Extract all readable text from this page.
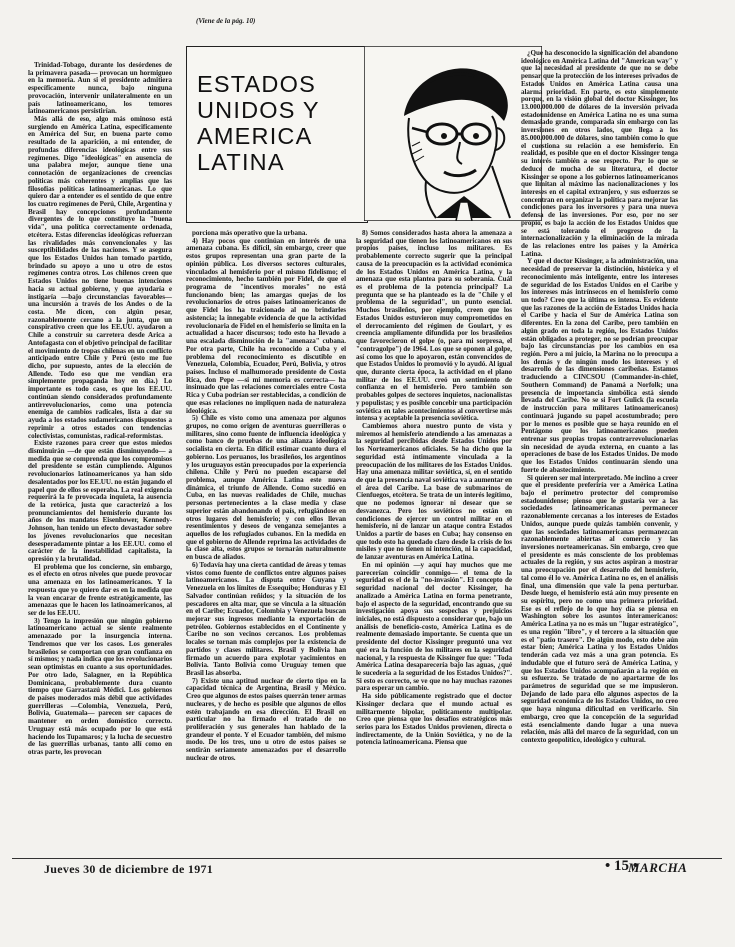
(Viene de la pág. 10)
ESTADOS
UNIDOS Y
AMERICA
LATINA

Trinidad-Tobago, durante los desórdenes de la primavera pasada— provocan un hormigueo en la memoria. Aun si el presidente admitiera específicamente nunca, bajo ninguna provocación, intervenir unilateralmente en un país latinoamericano, los temores latinoamericanos persistirían.

Más allá de eso, algo más ominoso está surgiendo en América Latina, especificamente en América del Sur, en buena parte como resultado de la aparición, a mi entender, de profundas diferencias ideológicas entre sus regímenes. Digo "ideológicas" en ausencia de una palabra mejor, aunque tiene una connotación de organizaciones de creencias políticas más coherentes y amplias que las filosofías políticas latinoamericanas. Lo que quiero dar a entender es el sentido de que entre los cuatro regímenes de Perú, Chile, Argentina y Brasil hay concepciones profundamente divergentes de lo que constituye la "buena vida", una política correctamente ordenada, etcétera. Estas diferencias ideológicas refuerzan las rivalidades más convencionales y las susceptibilidades de las naciones. Y se asegura que los Estados Unidos han tomado partido, brindado su apoyo a uno u otro de estos regímenes contra otros. Los chilenos creen que Estados Unidos no tiene buenas intenciones hacia su actual gobierno, y que ayudaría e instigaría —bajo circunstancias favorables— una incursión a través de los Andes o de la costa. Me dicen, con algún pesar, razonablemente cercano a la junta, que un conspirativo creen que los EE.UU. ayudaron a Chile a construir su carretera desde Arica a Antofagasta con el objetivo principal de facilitar el movimiento de tropas chilenas en un conflicto anticipado entre Chile y Perú (esto me fue dicho, por supuesto, antes de la elección de Allende. Todo eso que me vendían era simplemente propaganda hoy en día.) Lo importante es todo caso, es que los EE.UU. continúan siendo considerados profundamente antirrevolucionarios, como una potencia enemiga de cambios radicales, lista a dar su ayuda a los estados sudamericanos dispuestos a reprimir a otros estados con tendencias colectivistas, comunistas, radical-reformistas.

Existe razones para creer que estos miedos disminuirán —de que están disminuyendo— a medida que se comprenda que los compromisos del presidente se están cumpliendo. Algunos revolucionarios latinoamericanos ya han sido desalentados por los EE.UU. no están jugando el papel que de ellos se esperaba. La real exigencia requerirá la fe provocada inquieta, la ausencia de la retórica, justa que caracterizó a los pronunciamientos del hemisferio durante los años de los mandatos Eisenhower, Kennedy-Johnson, han tenido un efecto devastador sobre los jóvenes revolucionarios que necesitan desesperadamente pintar a los EE.UU. como el carácter de la inestabilidad capitalista, la opresión y la brutalidad.

El problema que los concierne, sin embargo, es el efecto en otros niveles que puede provocar una amenaza en los latinoamericanos. Y la respuesta que yo quiero dar es en la medida que la vean encarar de frente estratégicamente, las amenazas que le hacen los latinoamericanos, al ser de los EE.UU.

3) Tengo la impresión que ningún gobierno latinoamericano actual se siente realmente amenazado por la insurgencia interna. Tendremos que ver los casos. Los generales brasileños se comportan con gran confianza en sí mismos; y nada indica que los revolucionarios sean optimistas en cuanto a sus oportunidades. Por otro lado, Salagner, en la República Dominicana, probablemente dura cuanto tiempo que Garrastazú Médici. Los gobiernos de países moderados más débil que actividades guerrilleras —Colombia, Venezuela, Perú, Bolivia, Guatemala— parecen ser capaces de mantener en orden doméstico correcto. Uruguay está más ocupado por lo que está haciendo los Tupamaros; y la lucha de secuestro de las guerrillas urbanas, tanto allí como en otras parte, les provocan

porciona más operativo que la urbana.

4) Hay pocos que continúan en interés de una amenaza cubana. Es difícil, sin embargo, creer que estos grupos representan una gran parte de la opinión pública. Los diversos sectores culturales, vinculados al hemisferio por el mismo fidelismo; el reconocimiento, hecho también por Fidel, de que el programa de "incentivos morales" no está funcionando bien; las amargas quejas de los revolucionarios de otros países latinoamericanos de que Fidel los ha traicionado al no brindarles asistencia; la innegable evidencia de que la actividad revolucionaria de Fidel en el hemisferio se limita en la actualidad a hacer discursos; todo esto ha llevado a una escalada disminución de la "amenaza" cubana. Por otra parte, Chile ha reconocido a Cuba y el problema del reconocimiento es discutible en Venezuela, Colombia, Ecuador, Perú, Bolivia, y otros países. Incluso el malhumorado presidente de Costa Rica, don Pepe —si mi memoria es correcta— ha insinuado que las relaciones comerciales entre Costa Rica y Cuba podrían ser restablecidas, a condición de que esas relaciones no impliquen nada de naturaleza ideológica.

5) Chile es visto como una amenaza por algunos grupos, no como origen de aventuras guerrilleras o militares, sino como fuente de influencia ideológica y como banco de pruebas de una alianza ideológica socialista en cierta. En difícil estimar cuanto dura el gobierno. Los peruanos, los brasileños, los argentinos y los uruguayos están preocupados por la experiencia chilena. Chile y Perú no pueden escaparse del problema, aunque América Latina este nueva dinámica, el triunfo de Allende. Como sucedió en Cuba, en las nuevas realidades de Chile, muchas personas pertenecientes a la clase media y clase superior están abandonando el país, refugiándose en otros lugares del hemisferio; y con ellos llevan resentimientos y deseos de venganza semejantes a aquellos de los refugiados cubanos. En la medida en que el gobierno de Allende reprima las actividades de la clase alta, estos grupos se tornarán naturalmente en busca de aliados.

6) Todavía hay una cierta cantidad de áreas y temas vistos como fuente de conflictos entre algunos países latinoamericanos. La disputa entre Guyana y Venezuela en los límites de Essequibo; Honduras y El Salvador continúan reñidos; y la situación de los pescadores en alta mar, que se vincula a la situación en el Caribe; Ecuador, Colombia y Venezuela buscan mejorar sus ingresos mediante la exportación de petróleo. Gobiernos establecidos en el Continente y Caribe no son vecinos cercanos. Los problemas locales se tornan más complejos por la existencia de partidos y clases militares. Brasil y Bolivia han firmado un acuerdo para explotar yacimientos en Bolivia. Tanto Bolivia como Uruguay temen que Brasil las absorba.

7) Existe una aptitud nuclear de cierto tipo en la capacidad técnica de Argentina, Brasil y México. Creo que algunos de estos países querrán tener armas nucleares, y de hecho es posible que algunos de ellos estén trabajando en esa dirección. El Brasil en particular no ha firmado el tratado de no proliferación y sus generales han hablado de la grandeur el ponte. Y el Ecuador también, del mismo modo. De los tres, uno u otro de estos países se sentirán seriamente amenazados por el desarrollo nuclear de otros.

8) Somos considerados hasta ahora la amenaza a la seguridad que tienen los latinoamericanos en sus propios países, incluso los militares. Es probablemente correcto sugerir que la principal causa de la preocupación es la actividad económica de los Estados Unidos en América Latina, y la amenaza que esta plantea para su soberanía. Cuál es el problema de la potencia principal? La pregunta que se ha planteado es la de "Chile y el problema de la seguridad", un punto esencial. Muchos brasileños, por ejemplo, creen que los Estados Unidos estuvieron muy comprometidos en el derrocamiento del régimen de Goulart, y es creencia ampliamente difundida por los brasileños que favorecieron el golpe (o, para mi sorpresa, el "contragolpe") de 1964. Los que se oponen al golpe, así como los que lo apoyaron, están convencidos de que Estados Unidos lo promovió y lo ayudó. Al igual que, durante cierta época, la actividad en el plano militar de los EE.UU. creó un sentimiento de confianza en el hemisferio. Pero también son probables golpes de sectores inquietos, nacionalistas y populistas; y es posible concebir una participación soviética en tales acontecimientos al convertirse más intensa y aceptable la presencia soviética.

Cambiemos ahora nuestro punto de vista y miremos al hemisferio atendiendo a las amenazas a la seguridad percibidas desde Estados Unidos por los Norteamericanos oficiales. Se ha dicho que la seguridad está íntimamente vinculada a la preocupación de los militares de los Estados Unidos. Hay una amenaza militar soviética, sí, en el sentido de que la presencia naval soviética va a aumentar en el área del Caribe. La base de submarinos de Cienfuegos, etcétera. Se trata de un interés legítimo, que no podemos ignorar ni desear que se desvanezca. Pero los soviéticos no están en condiciones de ejercer un control militar en el hemisferio, ni de lanzar un ataque contra Estados Unidos a partir de bases en Cuba; hay consenso en que todo esto ha quedado claro desde la crisis de los misiles y que no tienen ni intención, ni la capacidad, de lanzar aventuras en América Latina.

En mi opinión —y aquí hay muchos que me parecerían coincidir conmigo— el tema de la seguridad es el de la "no-invasión". El concepto de seguridad nacional del doctor Kissinger, ha analizado a América Latina en forma penetrante, bajo el aspecto de la seguridad, encontrando que su investigación apoya sus sospechas y prejuicios iniciales, no está dispuesto a considerar que, bajo un análisis de beneficio-costo, América Latina es de realmente demasiado importante. Se cuenta que un presidente del doctor Kissinger preguntó una vez qué era la función de los militares en la seguridad nacional, y la respuesta de Kissinger fue que: "Toda América Latina desaparecería bajo las aguas, ¿qué le sucedería a la seguridad de los Estados Unidos?". Si esto es correcto, se ve que no hay muchas razones para esperar un cambio.

Ha sido públicamente registrado que el doctor Kissinger declara que el mundo actual es militarmente bipolar, políticamente multipolar. Creo que piensa que los desafíos estratégicos más serios para los Estados Unidos provienen, directa o indirectamente, de la Unión Soviética, y no de la potencia latinoamericana. Piensa que

¿Que ha desconocido la significación del abandono ideológico en América Latina del "American way" y que la necesidad al presidente de que no se debe pensar que la protección de los intereses privados de Estados Unidos en América Latina causa una alarma prioridad. En parte, es esto simplemente porque, en la visión global del doctor Kissinger, los 13.000.000.000 de dólares de la inversión privada estadounidense en América Latina no es una suma demasiado grande, comparada sin embargo con las inversiones en otros lados, que llega a los 85.000.000.000 de dólares, sino también como lo que el cuestiona su relación a ese hemisferio. En realidad, es posible que en el doctor Kissinger tenga su interés también a ese respecto. Por lo que se deduce de mucha de su literatura, el doctor Kissinger se opone a los gobiernos latinoamericanos que limitan al máximo las nacionalizaciones y los intereses en el capital extranjero, y sus esfuerzos se concentran en organizar la política para mejorar las condiciones para los inversores y para una nueva defensa de las inversiones. Por eso, por no ser propio, es bajo la acción de los Estados Unidos que se está tolerando el progreso de la internacionalización y la eliminación de la mirada de las relaciones entre los países y la América Latina.

Y que el doctor Kissinger, a la administración, una necesidad de preservar la distinción, histórica y el reconocimiento más inteligente, entre los intereses de seguridad de los Estados Unidos en el Caribe y los intereses más intrínsecos en el hemisferio como un todo? Creo que la última es intensa. Es evidente que las razones de la acción de Estados Unidos hacia el Caribe y hacia el Sur de América Latina son diferentes. En la zona del Caribe, pero también en algún grado en toda la región, los Estados Unidos están obligados a proteger, no se podrían preocupar bajo las circunstancias por los cambios en esa región. Pero a mi juicio, la Marina no lo preocupa a los demás y de ningún modo los intereses y el desarrollo de las dimensiones caribeñas. Estamos traduciendo a CINCSOU (Commander-in-chief, Southern Command) de Panamá a Norfolk; una presencia de importancia simbólica está siendo llevada del Caribe. No se si Fort Gulick (la escuela de instrucción para militares latinoamericanos) continuará jugando su papel acostumbrado; pero por lo menos es posible que se haya reunido en el Pentágono que los latinoamericanos pueden entrenar sus propias tropas contrarrevolucionarias sin necesidad de ayuda externa, en cuanto a las operaciones de base de los Estados Unidos. De modo que los Estados Unidos continuarán siendo una fuerte de abastecimiento.

Si quieren ser mal interpretado. Me inclino a creer que el presidente preferiría ver a América Latina bajo el perímetro protector del compromiso estadounidense; pienso que le gustaría ver a las sociedades latinoamericanas permanecer razonablemente cercanas a los intereses de Estados Unidos, aunque puede quizás también convenir, y que las sociedades latinoamericanas permanezcan razonablemente abiertas al comercio y las inversiones norteamericanas. Sin embargo, creo que el presidente es más consciente de los problemas actuales de la región, y sus actos aspiran a mostrar una preocupación por el desarrollo del hemisferio, tal como él lo ve. América Latina no es, en el análisis final, una dimensión que vale la pena perturbar. Desde luego, el hemisferio está aún muy presente en su espíritu, pero no como una primera prioridad. Ese es el reflejo de lo que hoy día se piensa en Washington sobre los asuntos interamericanos: América Latina ya no es más un "lugar estratégico", es una región "libre", y el tercero a la situación que es el "patio trasero". De algún modo, esto debe aún estar bien; América Latina y los Estados Unidos tenderán cada vez más a una gran potencia. Es indudable que el futuro será de América Latina, y que los Estados Unidos acompañarán a la región en su esfuerzo. Se tratado de no apartarme de los parámetros de seguridad que se me impusieron. Dejando de lado para ello algunos aspectos de la seguridad económica de los Estados Unidos, no creo que haya ninguna dificultad en verificarlo. Sin embargo, creo que la concepción de la seguridad está esencialmente dando lugar a una nueva relación, más allá del marco de la seguridad, con un contexto geopolítico, ideológico y cultural.

Jueves 30 de diciembre de 1971	• 15 •
MARCHA
